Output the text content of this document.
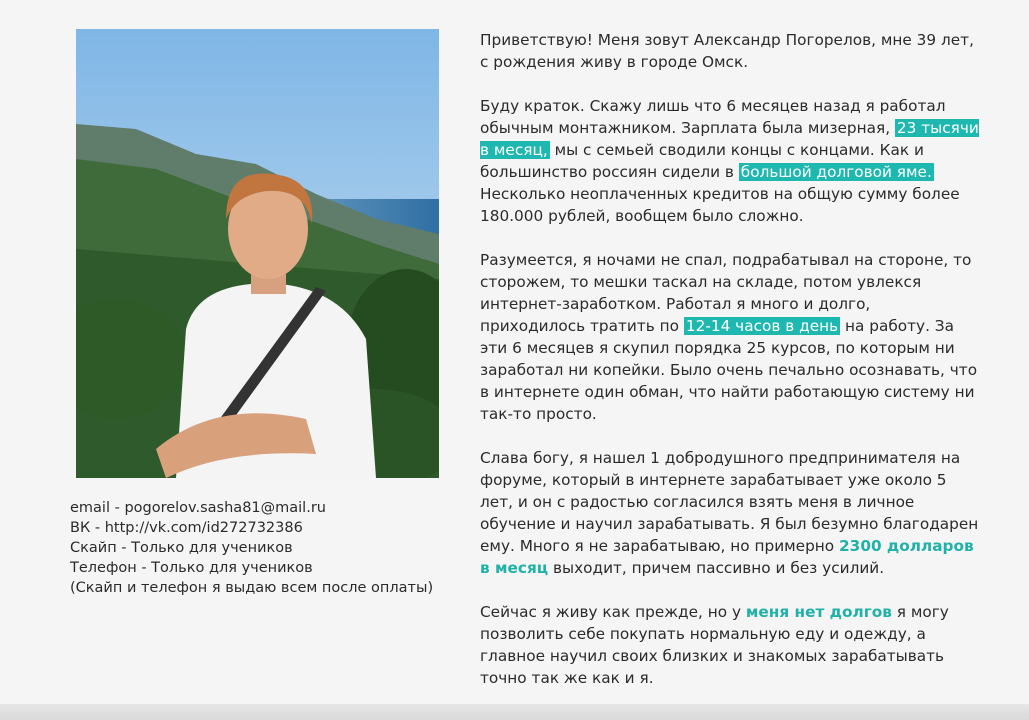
email - pogorelov.sasha81@mail.ru
ВК - http://vk.com/id272732386
Скайп - Только для учеников
Телефон - Только для учеников
(Скайп и телефон я выдаю всем после оплаты)

Приветствую! Меня зовут Александр Погорелов, мне 39 лет, с рождения живу в городе Омск.

Буду краток. Скажу лишь что 6 месяцев назад я работал обычным монтажником. Зарплата была мизерная, 23 тысячи в месяц, мы с семьей сводили концы с концами. Как и большинство россиян сидели в большой долговой яме. Несколько неоплаченных кредитов на общую сумму более 180.000 рублей, вообщем было сложно.

Разумеется, я ночами не спал, подрабатывал на стороне, то сторожем, то мешки таскал на складе, потом увлекся интернет-заработком. Работал я много и долго, приходилось тратить по 12-14 часов в день на работу. За эти 6 месяцев я скупил порядка 25 курсов, по которым ни заработал ни копейки. Было очень печально осознавать, что в интернете один обман, что найти работающую систему ни так-то просто.

Слава богу, я нашел 1 добродушного предпринимателя на форуме, который в интернете зарабатывает уже около 5 лет, и он с радостью согласился взять меня в личное обучение и научил зарабатывать. Я был безумно благодарен ему. Много я не зарабатываю, но примерно 2300 долларов в месяц выходит, причем пассивно и без усилий.

Сейчас я живу как прежде, но у меня нет долгов я могу позволить себе покупать нормальную еду и одежду, а главное научил своих близких и знакомых зарабатывать точно так же как и я.
